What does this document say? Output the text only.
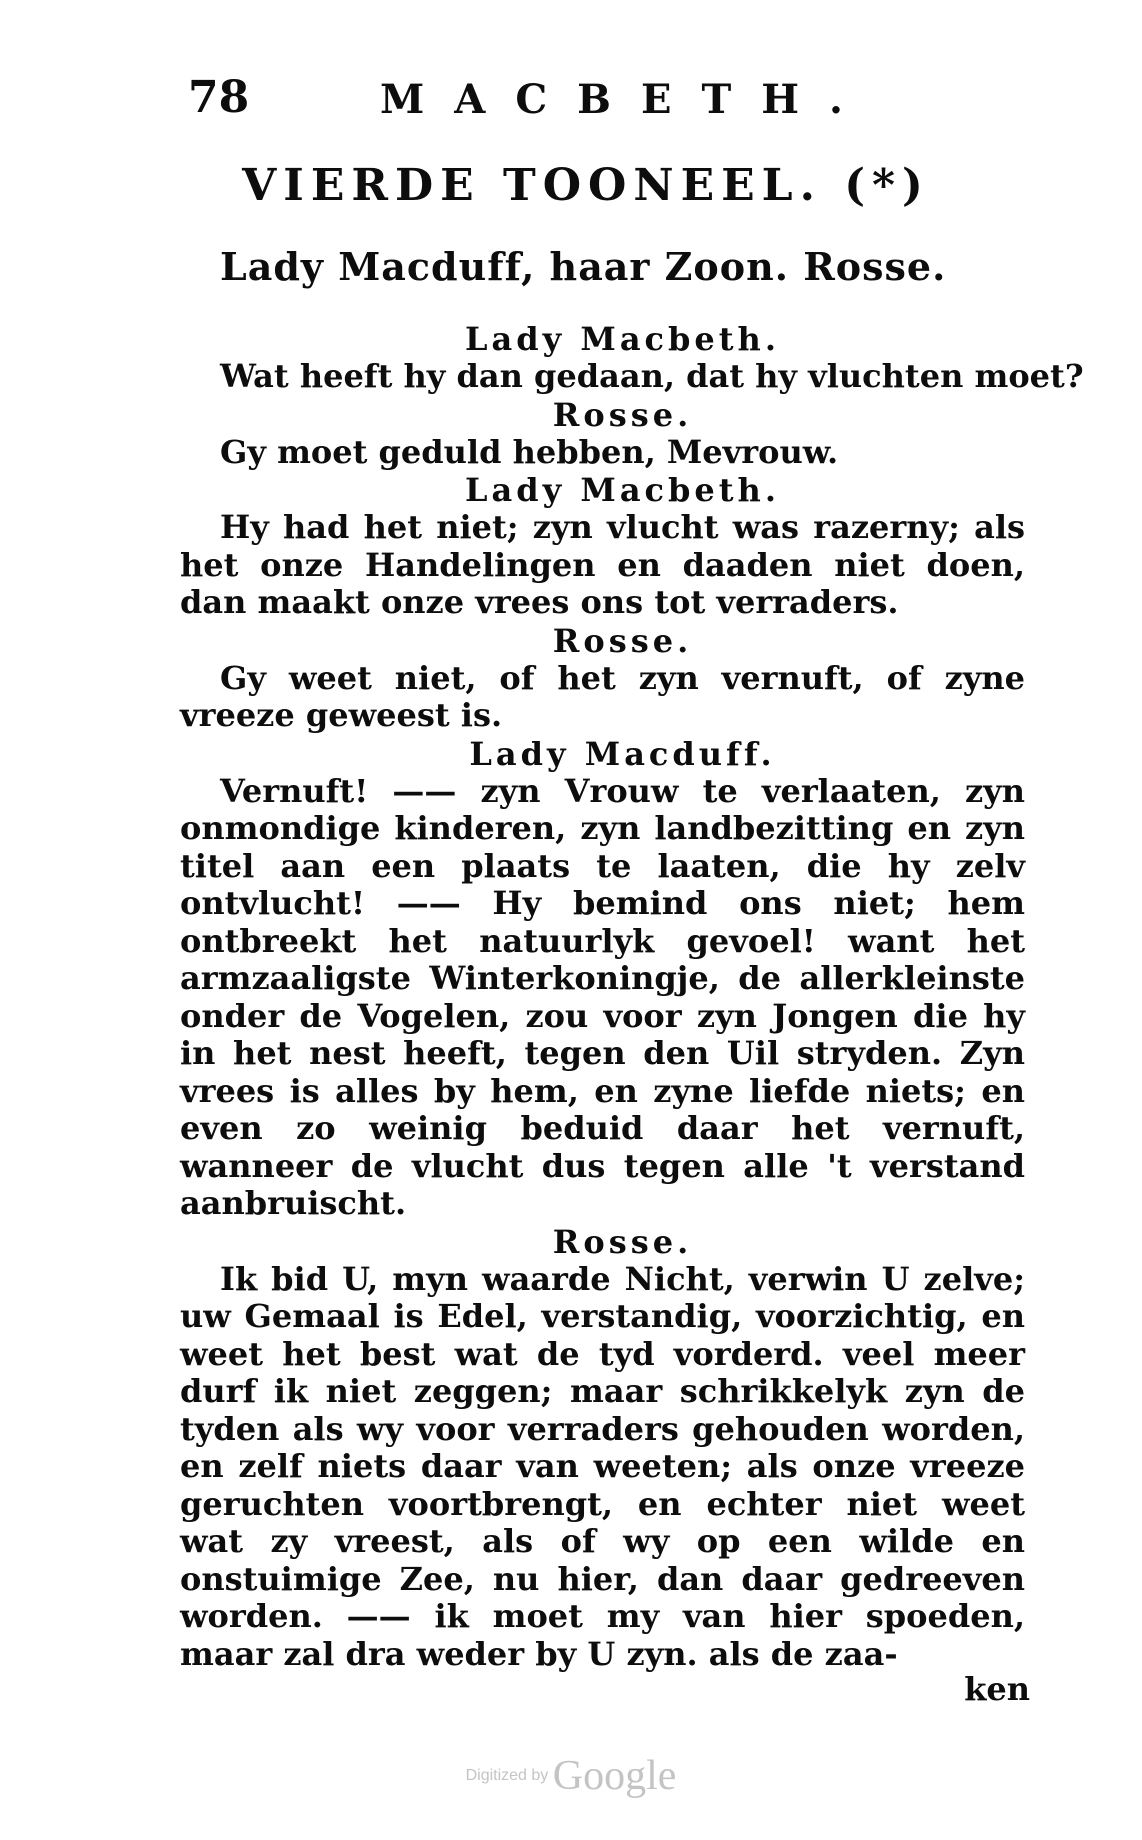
78	MACBETH.
VIERDE TOONEEL. (*)
Lady Macduff, haar Zoon. Rosse.
Lady Macbeth.

Wat heeft hy dan gedaan, dat hy vluchten moet?

Rosse.

Gy moet geduld hebben, Mevrouw.

Lady Macbeth.

Hy had het niet; zyn vlucht was razerny; als het onze Handelingen en daaden niet doen, dan maakt onze vrees ons tot verraders.

Rosse.

Gy weet niet, of het zyn vernuft, of zyne vreeze geweest is.

Lady Macduff.

Vernuft! —— zyn Vrouw te verlaaten, zyn onmondige kinderen, zyn landbezitting en zyn titel aan een plaats te laaten, die hy zelv ontvlucht! —— Hy bemind ons niet; hem ontbreekt het natuurlyk gevoel! want het armzaaligste Winterkoningje, de allerkleinste onder de Vogelen, zou voor zyn Jongen die hy in het nest heeft, tegen den Uil stryden. Zyn vrees is alles by hem, en zyne liefde niets; en even zo weinig beduid daar het vernuft, wanneer de vlucht dus tegen alle 't verstand aanbruischt.

Rosse.

Ik bid U, myn waarde Nicht, verwin U zelve; uw Gemaal is Edel, verstandig, voorzichtig, en weet het best wat de tyd vorderd. veel meer durf ik niet zeggen; maar schrikkelyk zyn de tyden als wy voor verraders gehouden worden, en zelf niets daar van weeten; als onze vreeze geruchten voortbrengt, en echter niet weet wat zy vreest, als of wy op een wilde en onstuimige Zee, nu hier, dan daar gedreeven worden. —— ik moet my van hier spoeden, maar zal dra weder by U zyn. als de zaa-

ken
Digitized by Google
